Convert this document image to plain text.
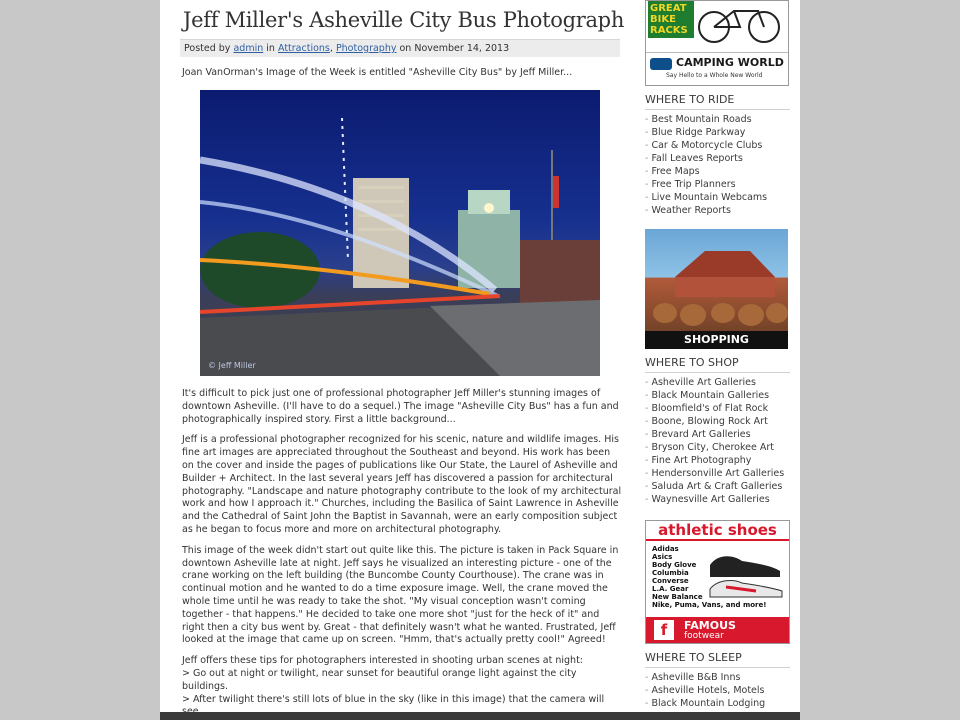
Jeff Miller's Asheville City Bus Photograph
Posted by admin in Attractions, Photography on November 14, 2013
Joan VanOrman's Image of the Week is entitled "Asheville City Bus" by Jeff Miller...
© Jeff Miller

It's difficult to pick just one of professional photographer Jeff Miller's stunning images of downtown Asheville. (I'll have to do a sequel.) The image "Asheville City Bus" has a fun and photographically inspired story. First a little background...

Jeff is a professional photographer recognized for his scenic, nature and wildlife images. His fine art images are appreciated throughout the Southeast and beyond. His work has been on the cover and inside the pages of publications like Our State, the Laurel of Asheville and Builder + Architect. In the last several years Jeff has discovered a passion for architectural photography. "Landscape and nature photography contribute to the look of my architectural work and how I approach it." Churches, including the Basilica of Saint Lawrence in Asheville and the Cathedral of Saint John the Baptist in Savannah, were an early composition subject as he began to focus more and more on architectural photography.

This image of the week didn't start out quite like this. The picture is taken in Pack Square in downtown Asheville late at night. Jeff says he visualized an interesting picture - one of the crane working on the left building (the Buncombe County Courthouse). The crane was in continual motion and he wanted to do a time exposure image. Well, the crane moved the whole time until he was ready to take the shot. "My visual conception wasn't coming together - that happens." He decided to take one more shot "just for the heck of it" and right then a city bus went by. Great - that definitely wasn't what he wanted. Frustrated, Jeff looked at the image that came up on screen. "Hmm, that's actually pretty cool!" Agreed!

Jeff offers these tips for photographers interested in shooting urban scenes at night:

> Go out at night or twilight, near sunset for beautiful orange light against the city buildings.

> After twilight there's still lots of blue in the sky (like in this image) that the camera will

GREAT BIKE RACKS
CAMPING WORLD
Say Hello to a Whole New World
WHERE TO RIDE
- Best Mountain Roads
- Blue Ridge Parkway
- Car & Motorcycle Clubs
- Fall Leaves Reports
- Free Maps
- Free Trip Planners
- Live Mountain Webcams
- Weather Reports
SHOPPING
WHERE TO SHOP
- Asheville Art Galleries
- Black Mountain Galleries
- Bloomfield's of Flat Rock
- Boone, Blowing Rock Art
- Brevard Art Galleries
- Bryson City, Cherokee Art
- Fine Art Photography
- Hendersonville Art Galleries
- Saluda Art & Craft Galleries
- Waynesville Art Galleries
athletic shoes
Adidas
Asics
Body Glove
Columbia
Converse
L.A. Gear
New Balance
Nike, Puma, Vans, and more!
f	FAMOUS
footwear
WHERE TO SLEEP
- Asheville B&B Inns
- Asheville Hotels, Motels
- Black Mountain Lodging
